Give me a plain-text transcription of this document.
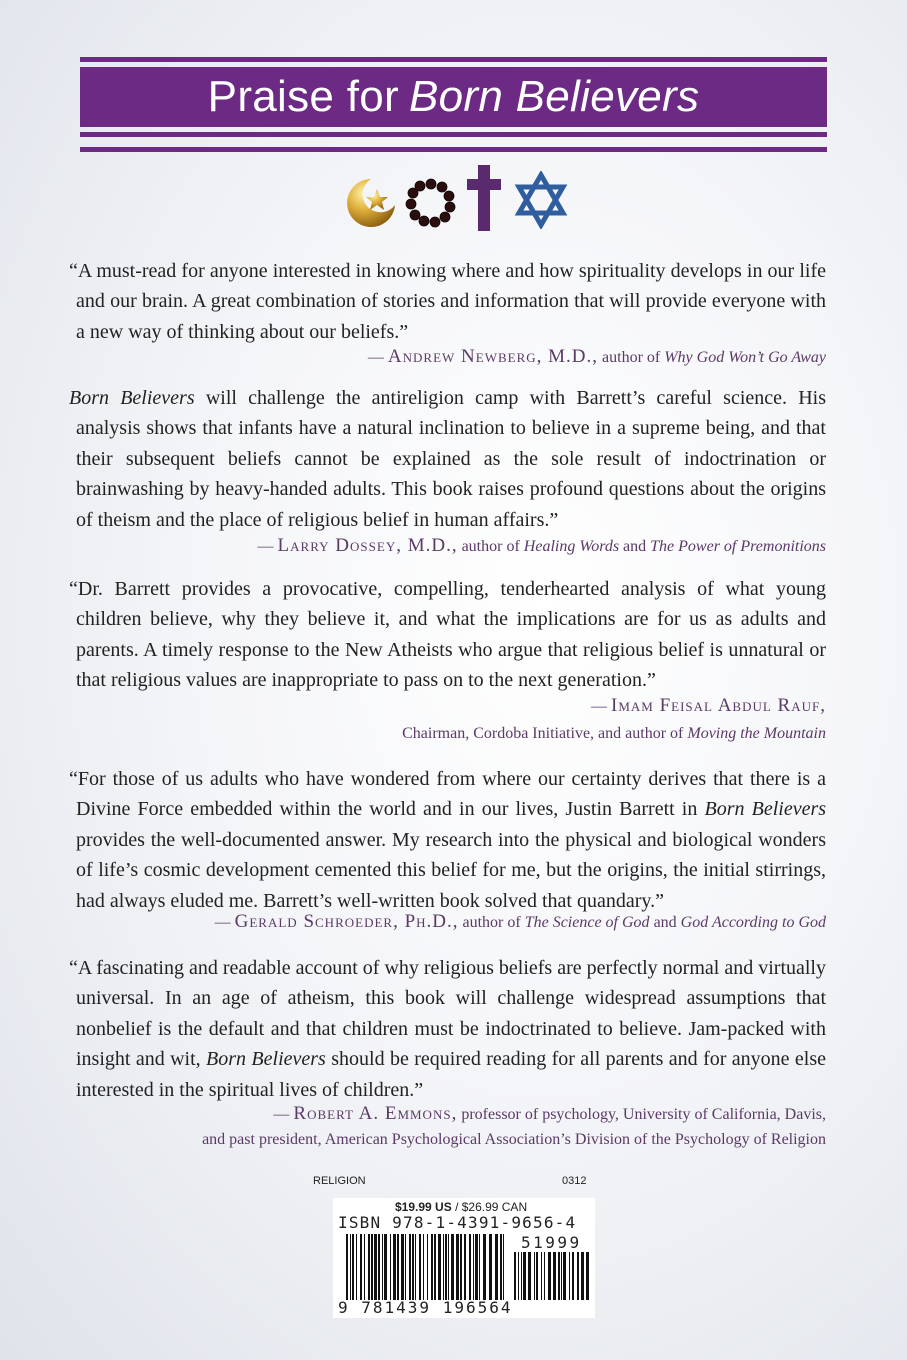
Praise for Born Believers

“A must-read for anyone interested in knowing where and how spirituality develops in our life and our brain. A great combination of stories and information that will provide everyone with a new way of thinking about our beliefs.”

— Andrew Newberg, M.D., author of Why God Won’t Go Away

Born Believers will challenge the antireligion camp with Barrett’s careful science. His analysis shows that infants have a natural inclination to believe in a supreme being, and that their subsequent beliefs cannot be explained as the sole result of indoctrination or brainwashing by heavy-handed adults. This book raises profound questions about the origins of theism and the place of religious belief in human affairs.”

— Larry Dossey, M.D., author of Healing Words and The Power of Premonitions

“Dr. Barrett provides a provocative, compelling, tenderhearted analysis of what young children believe, why they believe it, and what the implications are for us as adults and parents. A timely response to the New Atheists who argue that religious belief is unnatural or that religious values are inappropriate to pass on to the next generation.”

— Imam Feisal Abdul Rauf,
Chairman, Cordoba Initiative, and author of Moving the Mountain

“For those of us adults who have wondered from where our certainty derives that there is a Divine Force embedded within the world and in our lives, Justin Barrett in Born Believers provides the well-documented answer. My research into the physical and biological wonders of life’s cosmic development cemented this belief for me, but the origins, the initial stirrings, had always eluded me. Barrett’s well-written book solved that quandary.”

— Gerald Schroeder, Ph.D., author of The Science of God and God According to God

“A fascinating and readable account of why religious beliefs are perfectly normal and virtually universal. In an age of atheism, this book will challenge widespread assumptions that nonbelief is the default and that children must be indoctrinated to believe. Jam-packed with insight and wit, Born Believers should be required reading for all parents and for anyone else interested in the spiritual lives of children.”

— Robert A. Emmons, professor of psychology, University of California, Davis,
and past president, American Psychological Association’s Division of the Psychology of Religion
RELIGION	0312
$19.99 US / $26.99 CAN
ISBN 978-1-4391-9656-4
51999
9 781439 196564
